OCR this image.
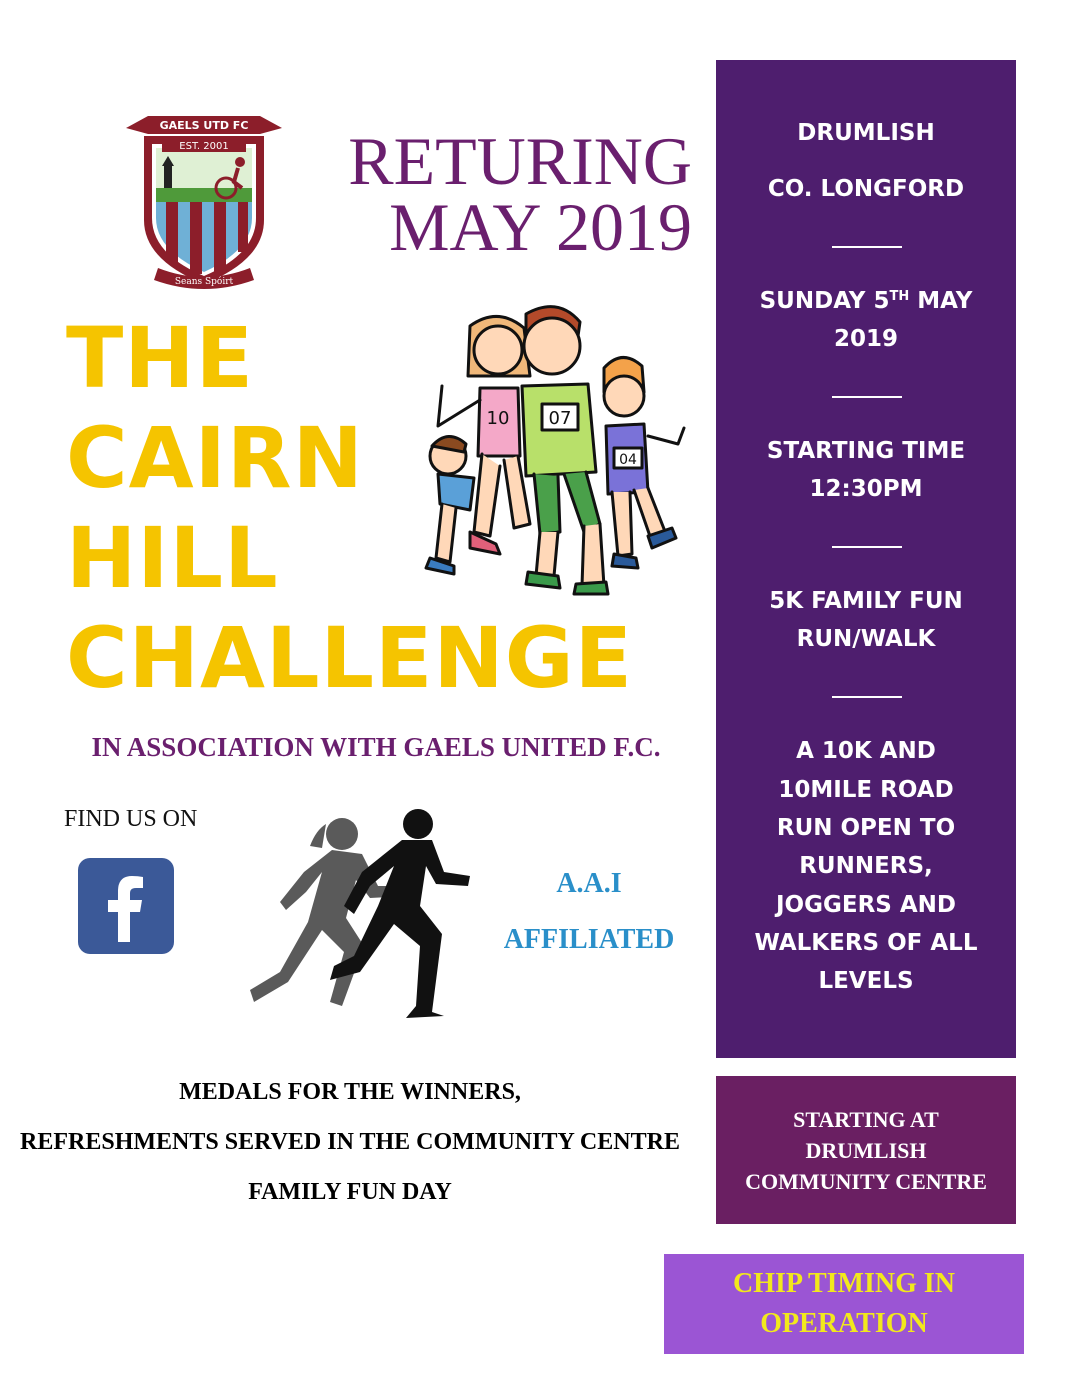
GAELS UTD FC
EST. 2001
Seans Spóirt
RETURING
MAY 2019
THE
CAIRN
HILL
CHALLENGE
10 07
04
IN ASSOCIATION WITH GAELS UNITED F.C.
FIND US ON
A.A.I
AFFILIATED
MEDALS FOR THE WINNERS,
REFRESHMENTS SERVED IN THE COMMUNITY CENTRE
FAMILY FUN DAY
DRUMLISH
CO. LONGFORD
SUNDAY 5TH MAY
2019
STARTING TIME
12:30PM
5K FAMILY FUN
RUN/WALK
A 10K AND
10MILE ROAD
RUN OPEN TO
RUNNERS,
JOGGERS AND
WALKERS OF ALL
LEVELS
STARTING AT DRUMLISH COMMUNITY CENTRE
CHIP TIMING IN OPERATION
